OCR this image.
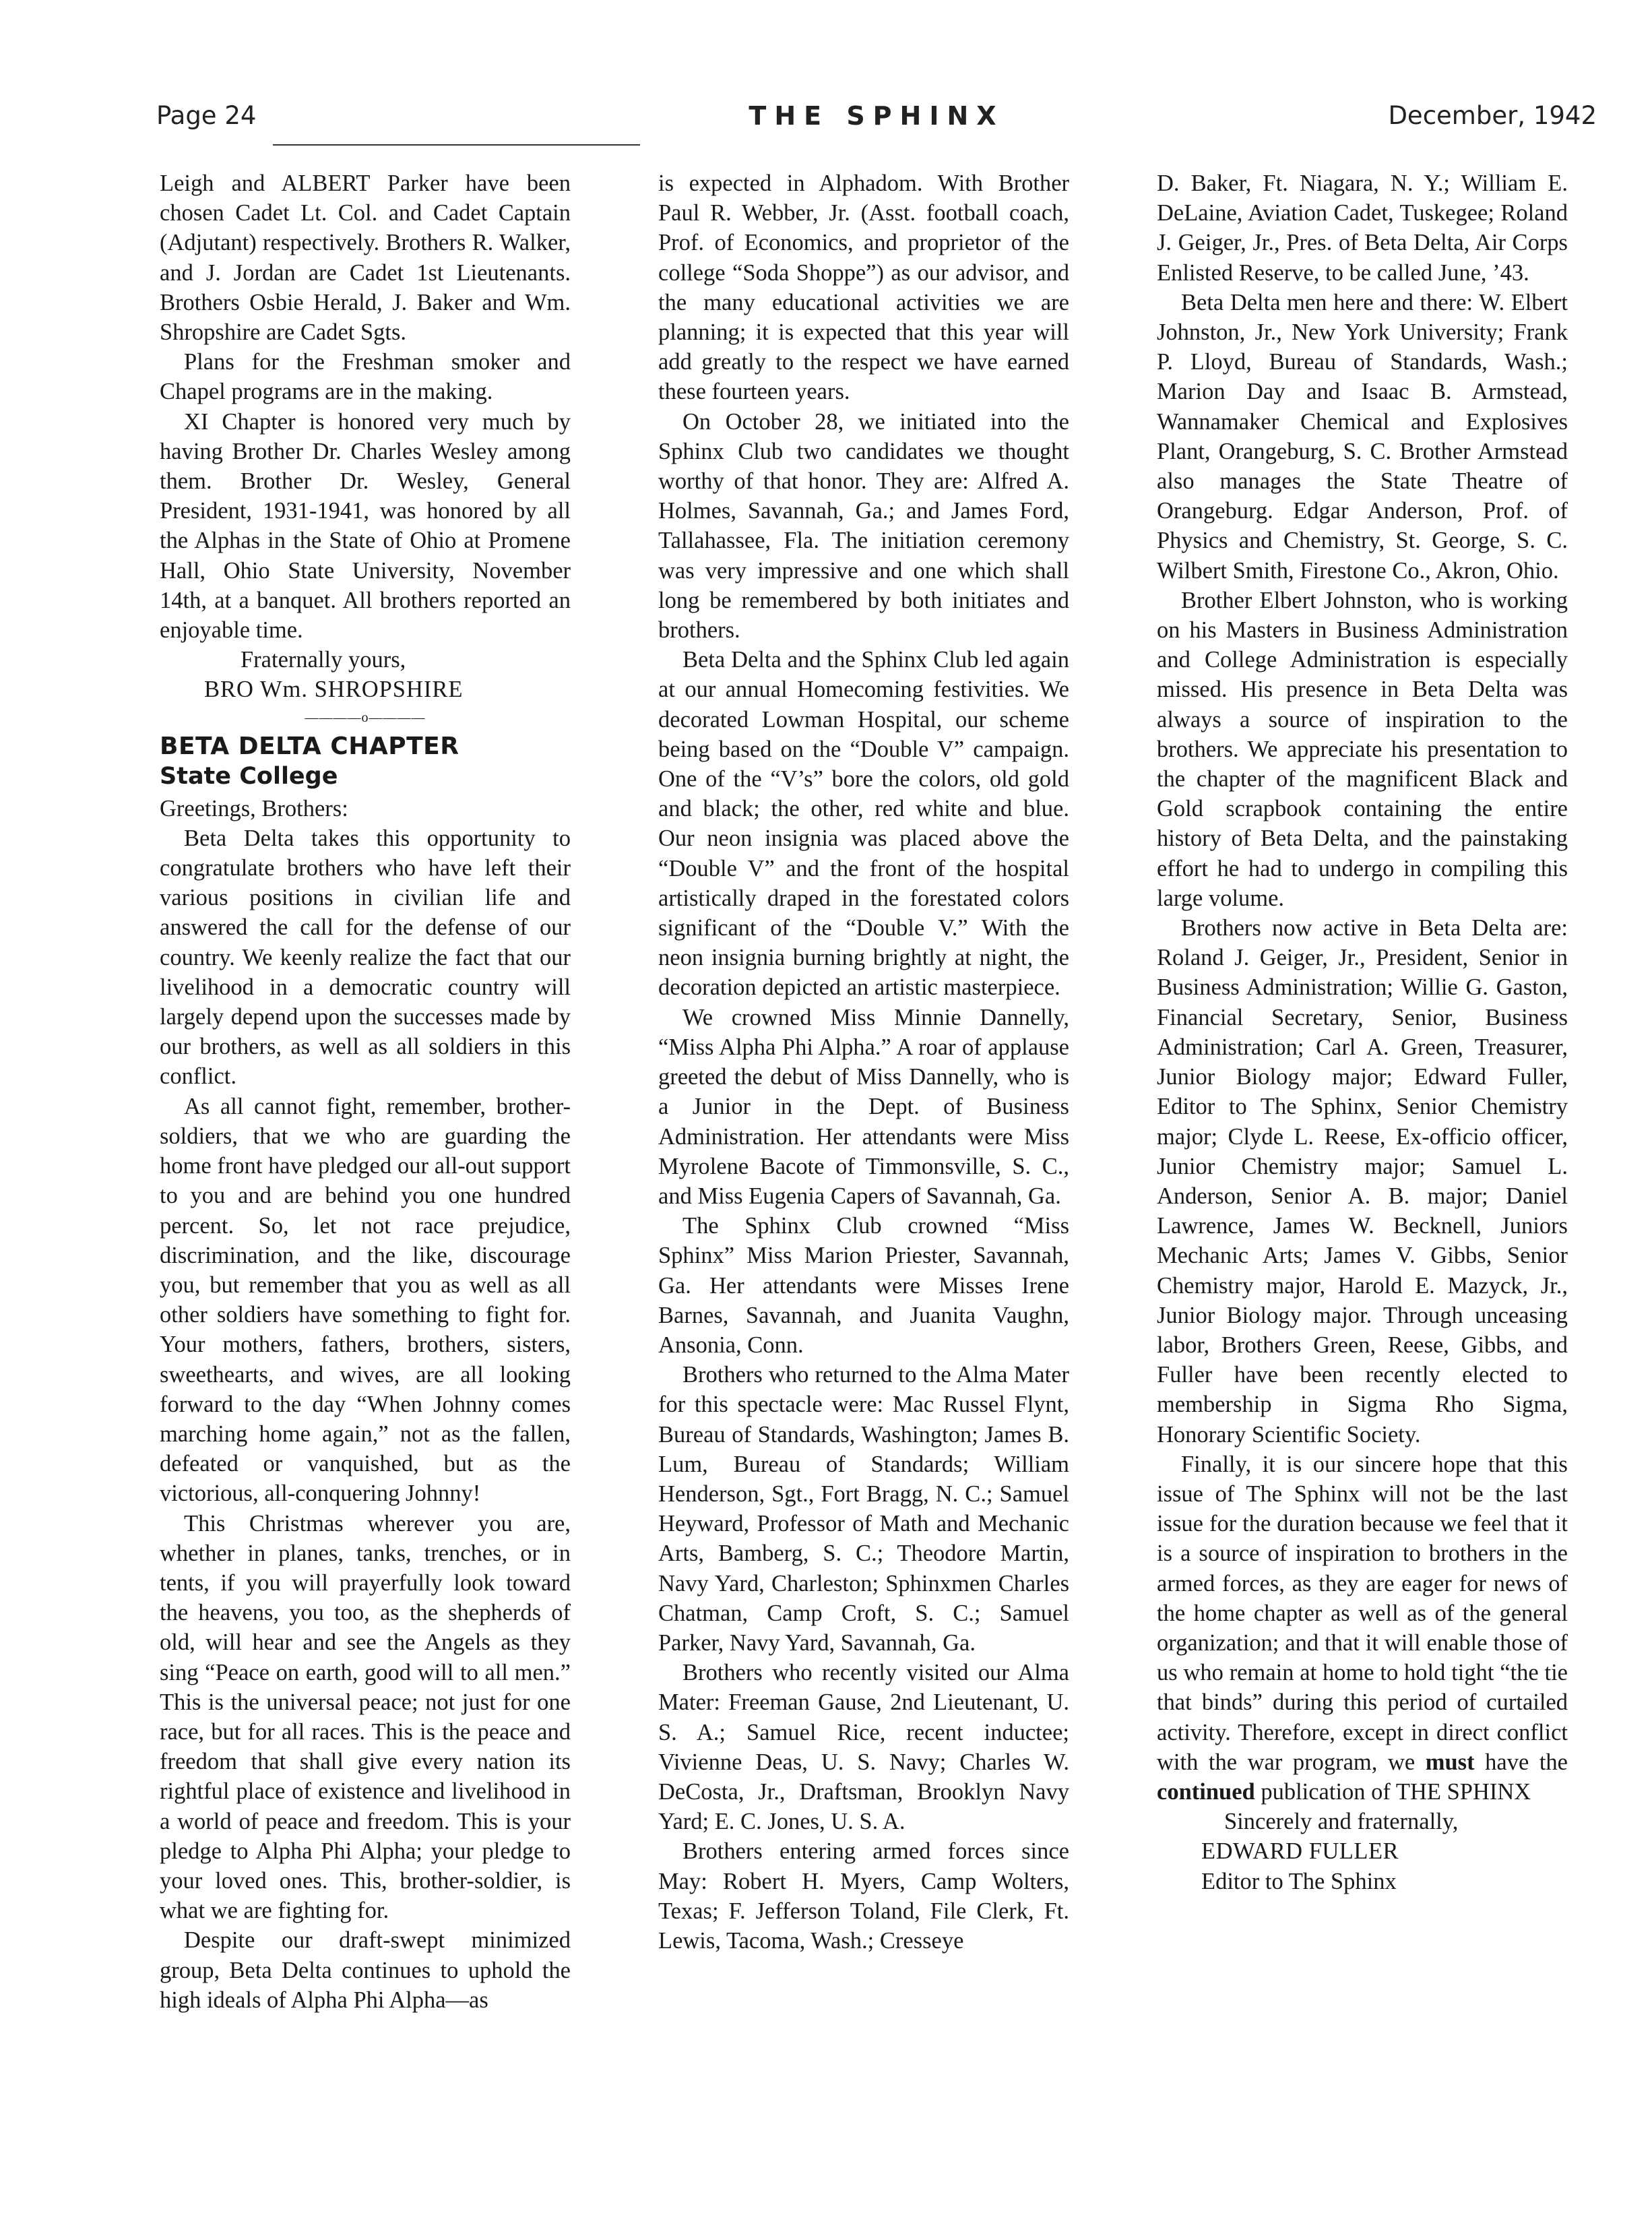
Page 24	THE SPHINX	December, 1942

Leigh and ALBERT Parker have been chosen Cadet Lt. Col. and Cadet Captain (Adjutant) respectively. Brothers R. Walker, and J. Jordan are Cadet 1st Lieutenants. Brothers Osbie Herald, J. Baker and Wm. Shropshire are Cadet Sgts.

Plans for the Freshman smoker and Chapel programs are in the making.

XI Chapter is honored very much by having Brother Dr. Charles Wesley among them. Brother Dr. Wesley, General President, 1931-1941, was honored by all the Alphas in the State of Ohio at Promene Hall, Ohio State University, November 14th, at a banquet. All brothers reported an enjoyable time.

Fraternally yours,

BRO Wm. SHROPSHIRE

————o————

BETA DELTA CHAPTER
State College

Greetings, Brothers:

Beta Delta takes this opportunity to congratulate brothers who have left their various positions in civilian life and answered the call for the defense of our country. We keenly realize the fact that our livelihood in a democratic country will largely depend upon the successes made by our brothers, as well as all soldiers in this conflict.

As all cannot fight, remember, brother-soldiers, that we who are guarding the home front have pledged our all-out support to you and are behind you one hundred percent. So, let not race prejudice, discrimination, and the like, discourage you, but remember that you as well as all other soldiers have something to fight for. Your mothers, fathers, brothers, sisters, sweethearts, and wives, are all looking forward to the day “When Johnny comes marching home again,” not as the fallen, defeated or vanquished, but as the victorious, all-conquering Johnny!

This Christmas wherever you are, whether in planes, tanks, trenches, or in tents, if you will prayerfully look toward the heavens, you too, as the shepherds of old, will hear and see the Angels as they sing “Peace on earth, good will to all men.” This is the universal peace; not just for one race, but for all races. This is the peace and freedom that shall give every nation its rightful place of existence and livelihood in a world of peace and freedom. This is your pledge to Alpha Phi Alpha; your pledge to your loved ones. This, brother-soldier, is what we are fighting for.

Despite our draft-swept minimized group, Beta Delta continues to uphold the high ideals of Alpha Phi Alpha—as

is expected in Alphadom. With Brother Paul R. Webber, Jr. (Asst. football coach, Prof. of Economics, and proprietor of the college “Soda Shoppe”) as our advisor, and the many educational activities we are planning; it is expected that this year will add greatly to the respect we have earned these fourteen years.

On October 28, we initiated into the Sphinx Club two candidates we thought worthy of that honor. They are: Alfred A. Holmes, Savannah, Ga.; and James Ford, Tallahassee, Fla. The initiation ceremony was very impressive and one which shall long be remembered by both initiates and brothers.

Beta Delta and the Sphinx Club led again at our annual Homecoming festivities. We decorated Lowman Hospital, our scheme being based on the “Double V” campaign. One of the “V’s” bore the colors, old gold and black; the other, red white and blue. Our neon insignia was placed above the “Double V” and the front of the hospital artistically draped in the forestated colors significant of the “Double V.” With the neon insignia burning brightly at night, the decoration depicted an artistic masterpiece.

We crowned Miss Minnie Dannelly, “Miss Alpha Phi Alpha.” A roar of applause greeted the debut of Miss Dannelly, who is a Junior in the Dept. of Business Administration. Her attendants were Miss Myrolene Bacote of Timmonsville, S. C., and Miss Eugenia Capers of Savannah, Ga.

The Sphinx Club crowned “Miss Sphinx” Miss Marion Priester, Savannah, Ga. Her attendants were Misses Irene Barnes, Savannah, and Juanita Vaughn, Ansonia, Conn.

Brothers who returned to the Alma Mater for this spectacle were: Mac Russel Flynt, Bureau of Standards, Washington; James B. Lum, Bureau of Standards; William Henderson, Sgt., Fort Bragg, N. C.; Samuel Heyward, Professor of Math and Mechanic Arts, Bamberg, S. C.; Theodore Martin, Navy Yard, Charleston; Sphinxmen Charles Chatman, Camp Croft, S. C.; Samuel Parker, Navy Yard, Savannah, Ga.

Brothers who recently visited our Alma Mater: Freeman Gause, 2nd Lieutenant, U. S. A.; Samuel Rice, recent inductee; Vivienne Deas, U. S. Navy; Charles W. DeCosta, Jr., Draftsman, Brooklyn Navy Yard; E. C. Jones, U. S. A.

Brothers entering armed forces since May: Robert H. Myers, Camp Wolters, Texas; F. Jefferson Toland, File Clerk, Ft. Lewis, Tacoma, Wash.; Cresseye

D. Baker, Ft. Niagara, N. Y.; William E. DeLaine, Aviation Cadet, Tuskegee; Roland J. Geiger, Jr., Pres. of Beta Delta, Air Corps Enlisted Reserve, to be called June, ’43.

Beta Delta men here and there: W. Elbert Johnston, Jr., New York University; Frank P. Lloyd, Bureau of Standards, Wash.; Marion Day and Isaac B. Armstead, Wannamaker Chemical and Explosives Plant, Orangeburg, S. C. Brother Armstead also manages the State Theatre of Orangeburg. Edgar Anderson, Prof. of Physics and Chemistry, St. George, S. C. Wilbert Smith, Firestone Co., Akron, Ohio.

Brother Elbert Johnston, who is working on his Masters in Business Administration and College Administration is especially missed. His presence in Beta Delta was always a source of inspiration to the brothers. We appreciate his presentation to the chapter of the magnificent Black and Gold scrapbook containing the entire history of Beta Delta, and the painstaking effort he had to undergo in compiling this large volume.

Brothers now active in Beta Delta are: Roland J. Geiger, Jr., President, Senior in Business Administration; Willie G. Gaston, Financial Secretary, Senior, Business Administration; Carl A. Green, Treasurer, Junior Biology major; Edward Fuller, Editor to The Sphinx, Senior Chemistry major; Clyde L. Reese, Ex-officio officer, Junior Chemistry major; Samuel L. Anderson, Senior A. B. major; Daniel Lawrence, James W. Becknell, Juniors Mechanic Arts; James V. Gibbs, Senior Chemistry major, Harold E. Mazyck, Jr., Junior Biology major. Through unceasing labor, Brothers Green, Reese, Gibbs, and Fuller have been recently elected to membership in Sigma Rho Sigma, Honorary Scientific Society.

Finally, it is our sincere hope that this issue of The Sphinx will not be the last issue for the duration because we feel that it is a source of inspiration to brothers in the armed forces, as they are eager for news of the home chapter as well as of the general organization; and that it will enable those of us who remain at home to hold tight “the tie that binds” during this period of curtailed activity. Therefore, except in direct conflict with the war program, we must have the continued publication of THE SPHINX

Sincerely and fraternally,

EDWARD FULLER

Editor to The Sphinx
